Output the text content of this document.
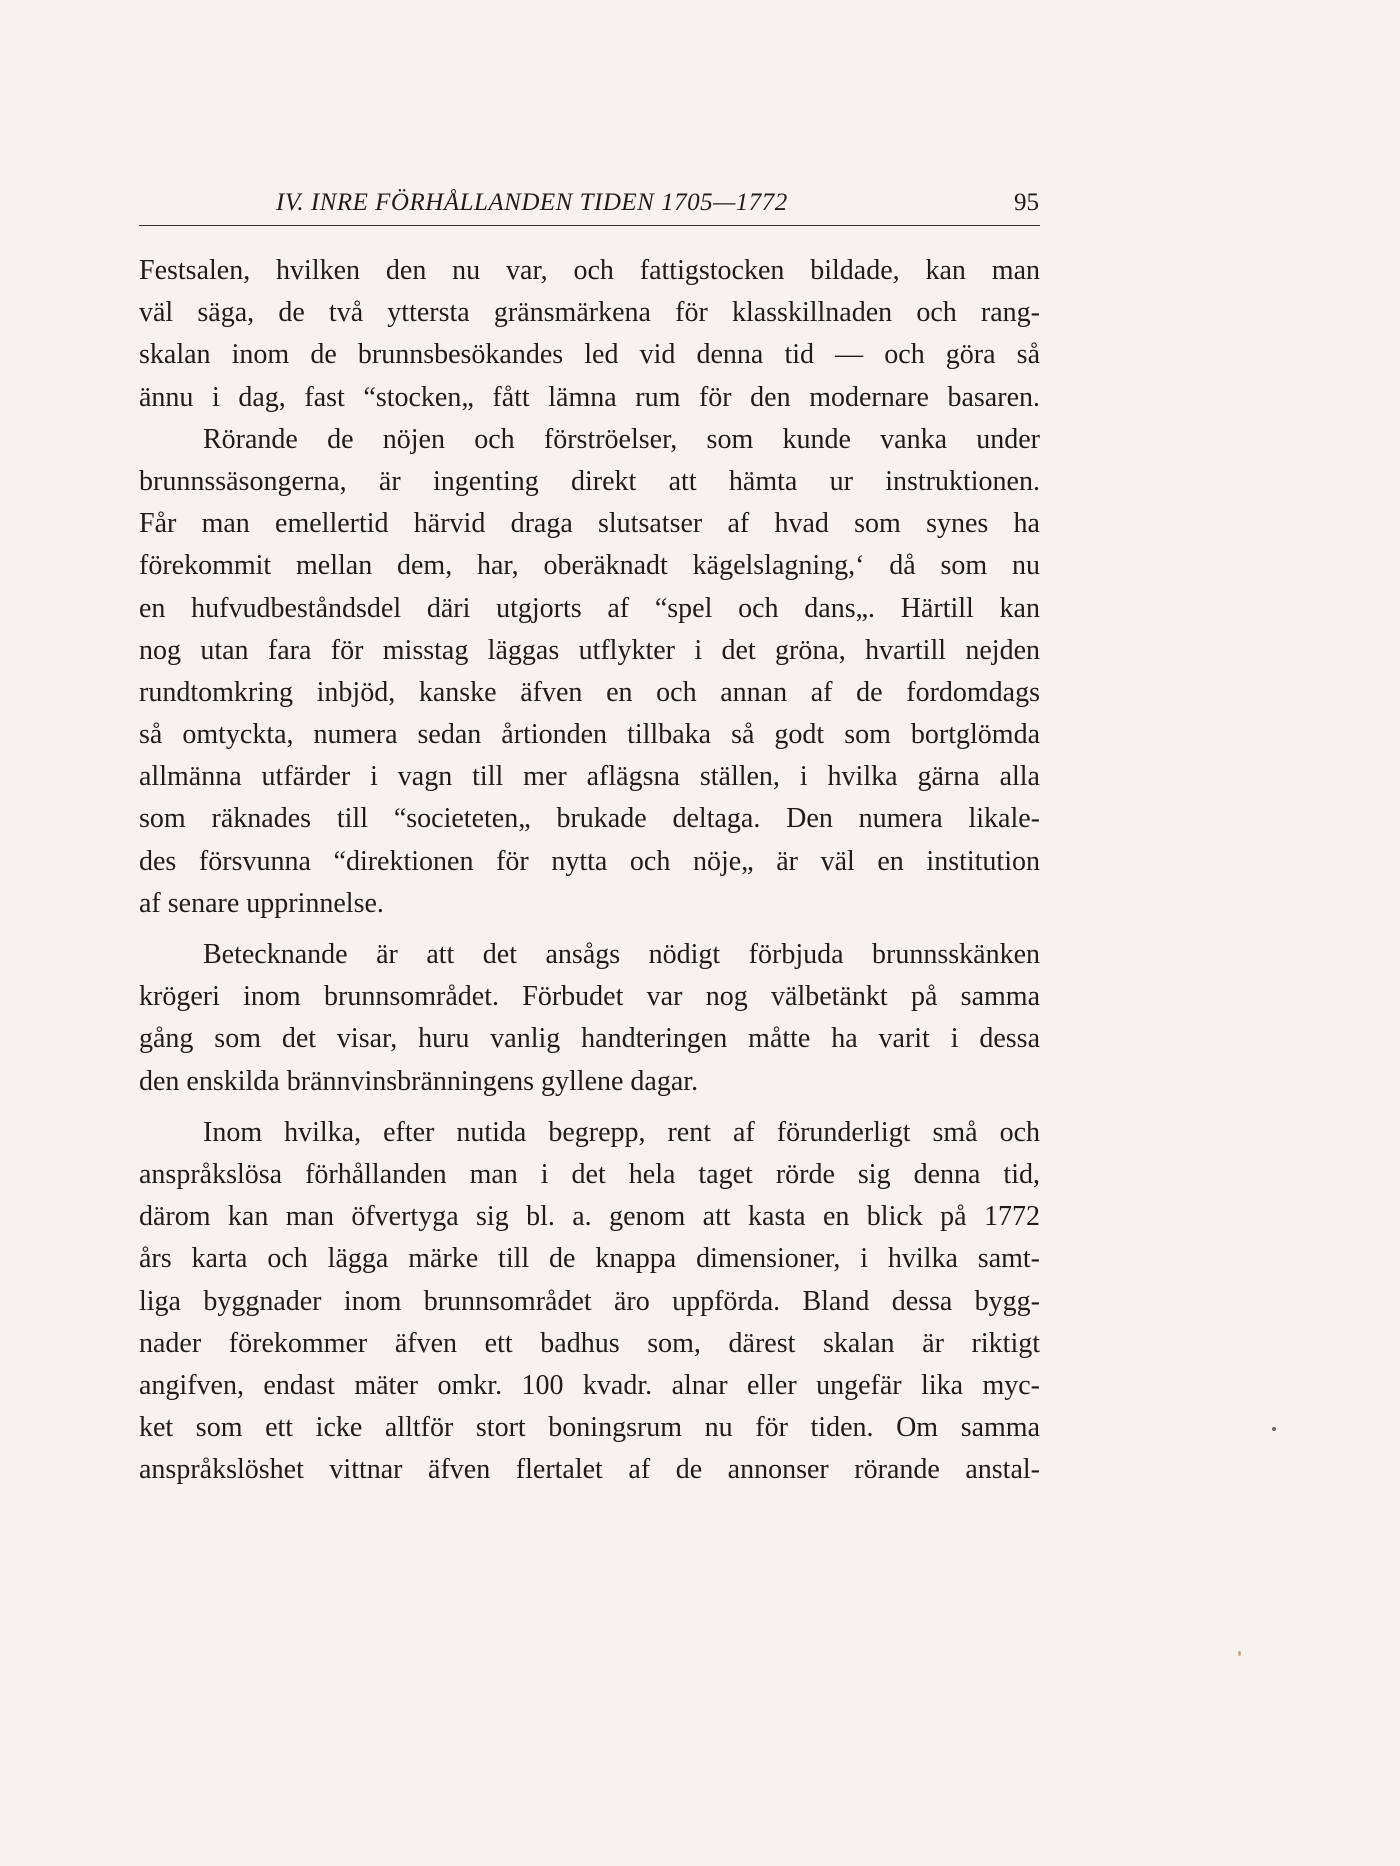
IV. INRE FÖRHÅLLANDEN TIDEN 1705—1772	95
Festsalen, hvilken den nu var, och fattigstocken bildade, kan man
väl säga, de två yttersta gränsmärkena för klasskillnaden och rang-
skalan inom de brunnsbesökandes led vid denna tid — och göra så
ännu i dag, fast “stocken„ fått lämna rum för den modernare basaren.
Rörande de nöjen och förströelser, som kunde vanka under
brunnssäsongerna, är ingenting direkt att hämta ur instruktionen.
Får man emellertid härvid draga slutsatser af hvad som synes ha
förekommit mellan dem, har, oberäknadt kägelslagning,‘ då som nu
en hufvudbeståndsdel däri utgjorts af “spel och dans„. Härtill kan
nog utan fara för misstag läggas utflykter i det gröna, hvartill nejden
rundtomkring inbjöd, kanske äfven en och annan af de fordomdags
så omtyckta, numera sedan årtionden tillbaka så godt som bortglömda
allmänna utfärder i vagn till mer aflägsna ställen, i hvilka gärna alla
som räknades till “societeten„ brukade deltaga. Den numera likale-
des försvunna “direktionen för nytta och nöje„ är väl en institution
af senare upprinnelse.
Betecknande är att det ansågs nödigt förbjuda brunnsskänken
krögeri inom brunnsområdet. Förbudet var nog välbetänkt på samma
gång som det visar, huru vanlig handteringen måtte ha varit i dessa
den enskilda brännvinsbränningens gyllene dagar.
Inom hvilka, efter nutida begrepp, rent af förunderligt små och
anspråkslösa förhållanden man i det hela taget rörde sig denna tid,
därom kan man öfvertyga sig bl. a. genom att kasta en blick på 1772
års karta och lägga märke till de knappa dimensioner, i hvilka samt-
liga byggnader inom brunnsområdet äro uppförda. Bland dessa bygg-
nader förekommer äfven ett badhus som, därest skalan är riktigt
angifven, endast mäter omkr. 100 kvadr. alnar eller ungefär lika myc-
ket som ett icke alltför stort boningsrum nu för tiden. Om samma
anspråkslöshet vittnar äfven flertalet af de annonser rörande anstal-
